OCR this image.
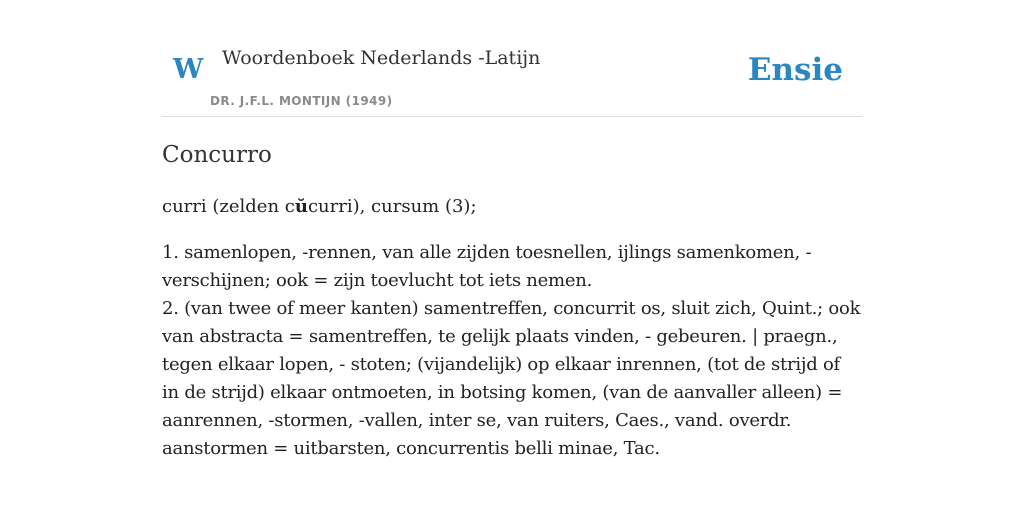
W Woordenboek Nederlands -Latijn
DR. J.F.L. MONTIJN (1949)
Ensie
Concurro

curri (zelden cŭcurri), cursum (3);

1. samenlopen, -rennen, van alle zijden toesnellen, ijlings samenkomen, -verschijnen; ook = zijn toevlucht tot iets nemen.
2. (van twee of meer kanten) samentreffen, concurrit os, sluit zich, Quint.; ook van abstracta = samentreffen, te gelijk plaats vinden, - gebeuren. | praegn., tegen elkaar lopen, - stoten; (vijandelijk) op elkaar inrennen, (tot de strijd of in de strijd) elkaar ontmoeten, in botsing komen, (van de aanvaller alleen) = aanrennen, -stormen, -vallen, inter se, van ruiters, Caes., vand. overdr. aanstormen = uitbarsten, concurrentis belli minae, Tac.
